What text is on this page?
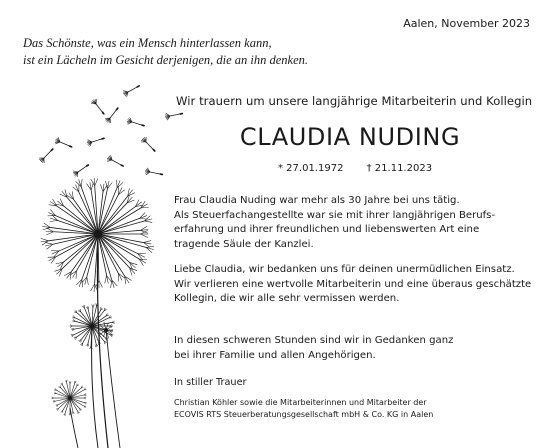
Aalen, November 2023
Das Schönste, was ein Mensch hinterlassen kann,
ist ein Lächeln im Gesicht derjenigen, die an ihn denken.
Wir trauern um unsere langjährige Mitarbeiterin und Kollegin
CLAUDIA NUDING
* 27.01.1972 † 21.11.2023
Frau Claudia Nuding war mehr als 30 Jahre bei uns tätig.
Als Steuerfachangestellte war sie mit ihrer langjährigen Berufs-
erfahrung und ihrer freundlichen und liebenswerten Art eine
tragende Säule der Kanzlei.
Liebe Claudia, wir bedanken uns für deinen unermüdlichen Einsatz.
Wir verlieren eine wertvolle Mitarbeiterin und eine überaus geschätzte
Kollegin, die wir alle sehr vermissen werden.
In diesen schweren Stunden sind wir in Gedanken ganz
bei ihrer Familie und allen Angehörigen.
In stiller Trauer
Christian Köhler sowie die Mitarbeiterinnen und Mitarbeiter der
ECOVIS RTS Steuerberatungsgesellschaft mbH & Co. KG in Aalen
